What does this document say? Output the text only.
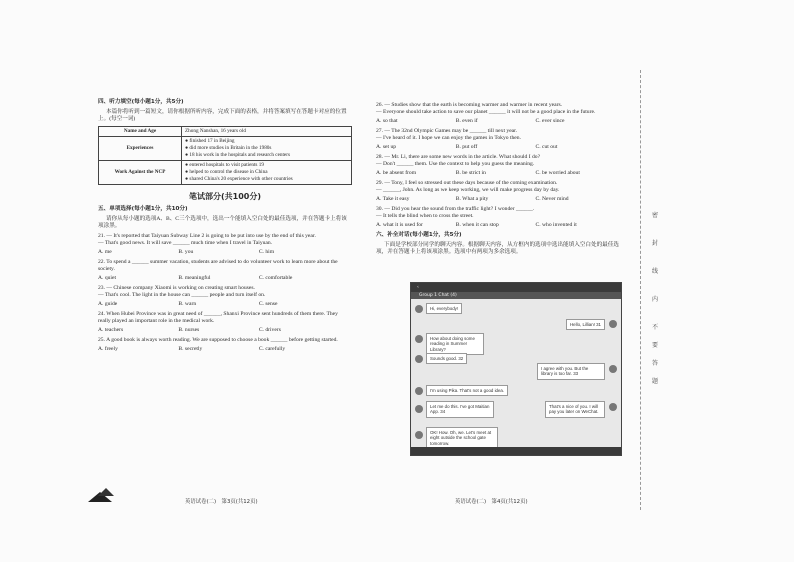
四、听力填空(每小题1分，共5分)
本篇你将听到一篇短文，请你根据所听内容，完成下面的表格，并将答案填写在答题卡对应的位置上。(每空一词)
Name and Age	Zhong Nanshan, 16 years old

Experiences	● finished 17 in Beijing
● did more studies in Britain in the 1980s
● 18 his work in the hospitals and research centers

Work Against the NCP	● entered hospitals to visit patients 19
● helped to control the disease in China
● shared China's 20 experience with other countries
笔试部分(共100分)
五、单项选择(每小题1分，共10分)
请你从每小题的选项A、B、C三个选项中，选出一个能填入空白处的最佳选项，并在答题卡上将该项涂黑。
21. — It's reported that Taiyuan Subway Line 2 is going to be put into use by the end of this year.
— That's good news. It will save ______ much time when I travel in Taiyuan.
A. me	B. you	C. him
22. To spend a ______ summer vacation, students are advised to do volunteer work to learn more about the society.
A. quiet	B. meaningful	C. comfortable
23. — Chinese company Xiaomi is working on creating smart houses.
— That's cool. The light in the house can ______ people and turn itself on.
A. guide	B. warn	C. sense
24. When Hubei Province was in great need of ______, Shanxi Province sent hundreds of them there. They really played an important role in the medical work.
A. teachers	B. nurses	C. drivers
25. A good book is always worth reading. We are supposed to choose a book ______ before getting started.
A. freely	B. secretly	C. carefully
26. — Studies show that the earth is becoming warmer and warmer in recent years.
— Everyone should take action to save our planet ______ it will not be a good place in the future.
A. so that	B. even if	C. ever since
27. — The 32nd Olympic Games may be ______ till next year.
— I've heard of it. I hope we can enjoy the games in Tokyo then.
A. set up	B. put off	C. cut out
28. — Mr. Li, there are some new words in the article. What should I do?
— Don't ______ them. Use the context to help you guess the meaning.
A. be absent from	B. be strict in	C. be worried about
29. — Tony, I feel so stressed out these days because of the coming examination.
— ______, John. As long as we keep working, we will make progress day by day.
A. Take it easy	B. What a pity	C. Never mind
30. — Did you hear the sound from the traffic light? I wonder ______.
— It tells the blind when to cross the street.
A. what it is used for	B. when it can stop	C. who invented it
六、补全对话(每小题1分，共5分)
下面是学校部分同学的聊天内容。根据聊天内容，从方框内的选项中选出能填入空白处的最佳选项，并在答题卡上将该项涂黑。选项中有两项为多余选项。
‹
Group 1 Chat (4)
Hi, everybody!
Hello, Lillian! 31
How about doing some reading in Summer Library?
Sounds good. 32
I agree with you. But the library is too far. 33
I'm using Pika. That's not a good idea.
Let me do this. I've got Maitian App. 34
That's a nice of you. I will pay you later on WeChat.
OK! How. Oh, we. Let's meet at eight outside the school gate tomorrow.
英语试卷(二)　第3页(共12页)	英语试卷(二)　第4页(共12页)
密
封
线
内
不
要
答
题
